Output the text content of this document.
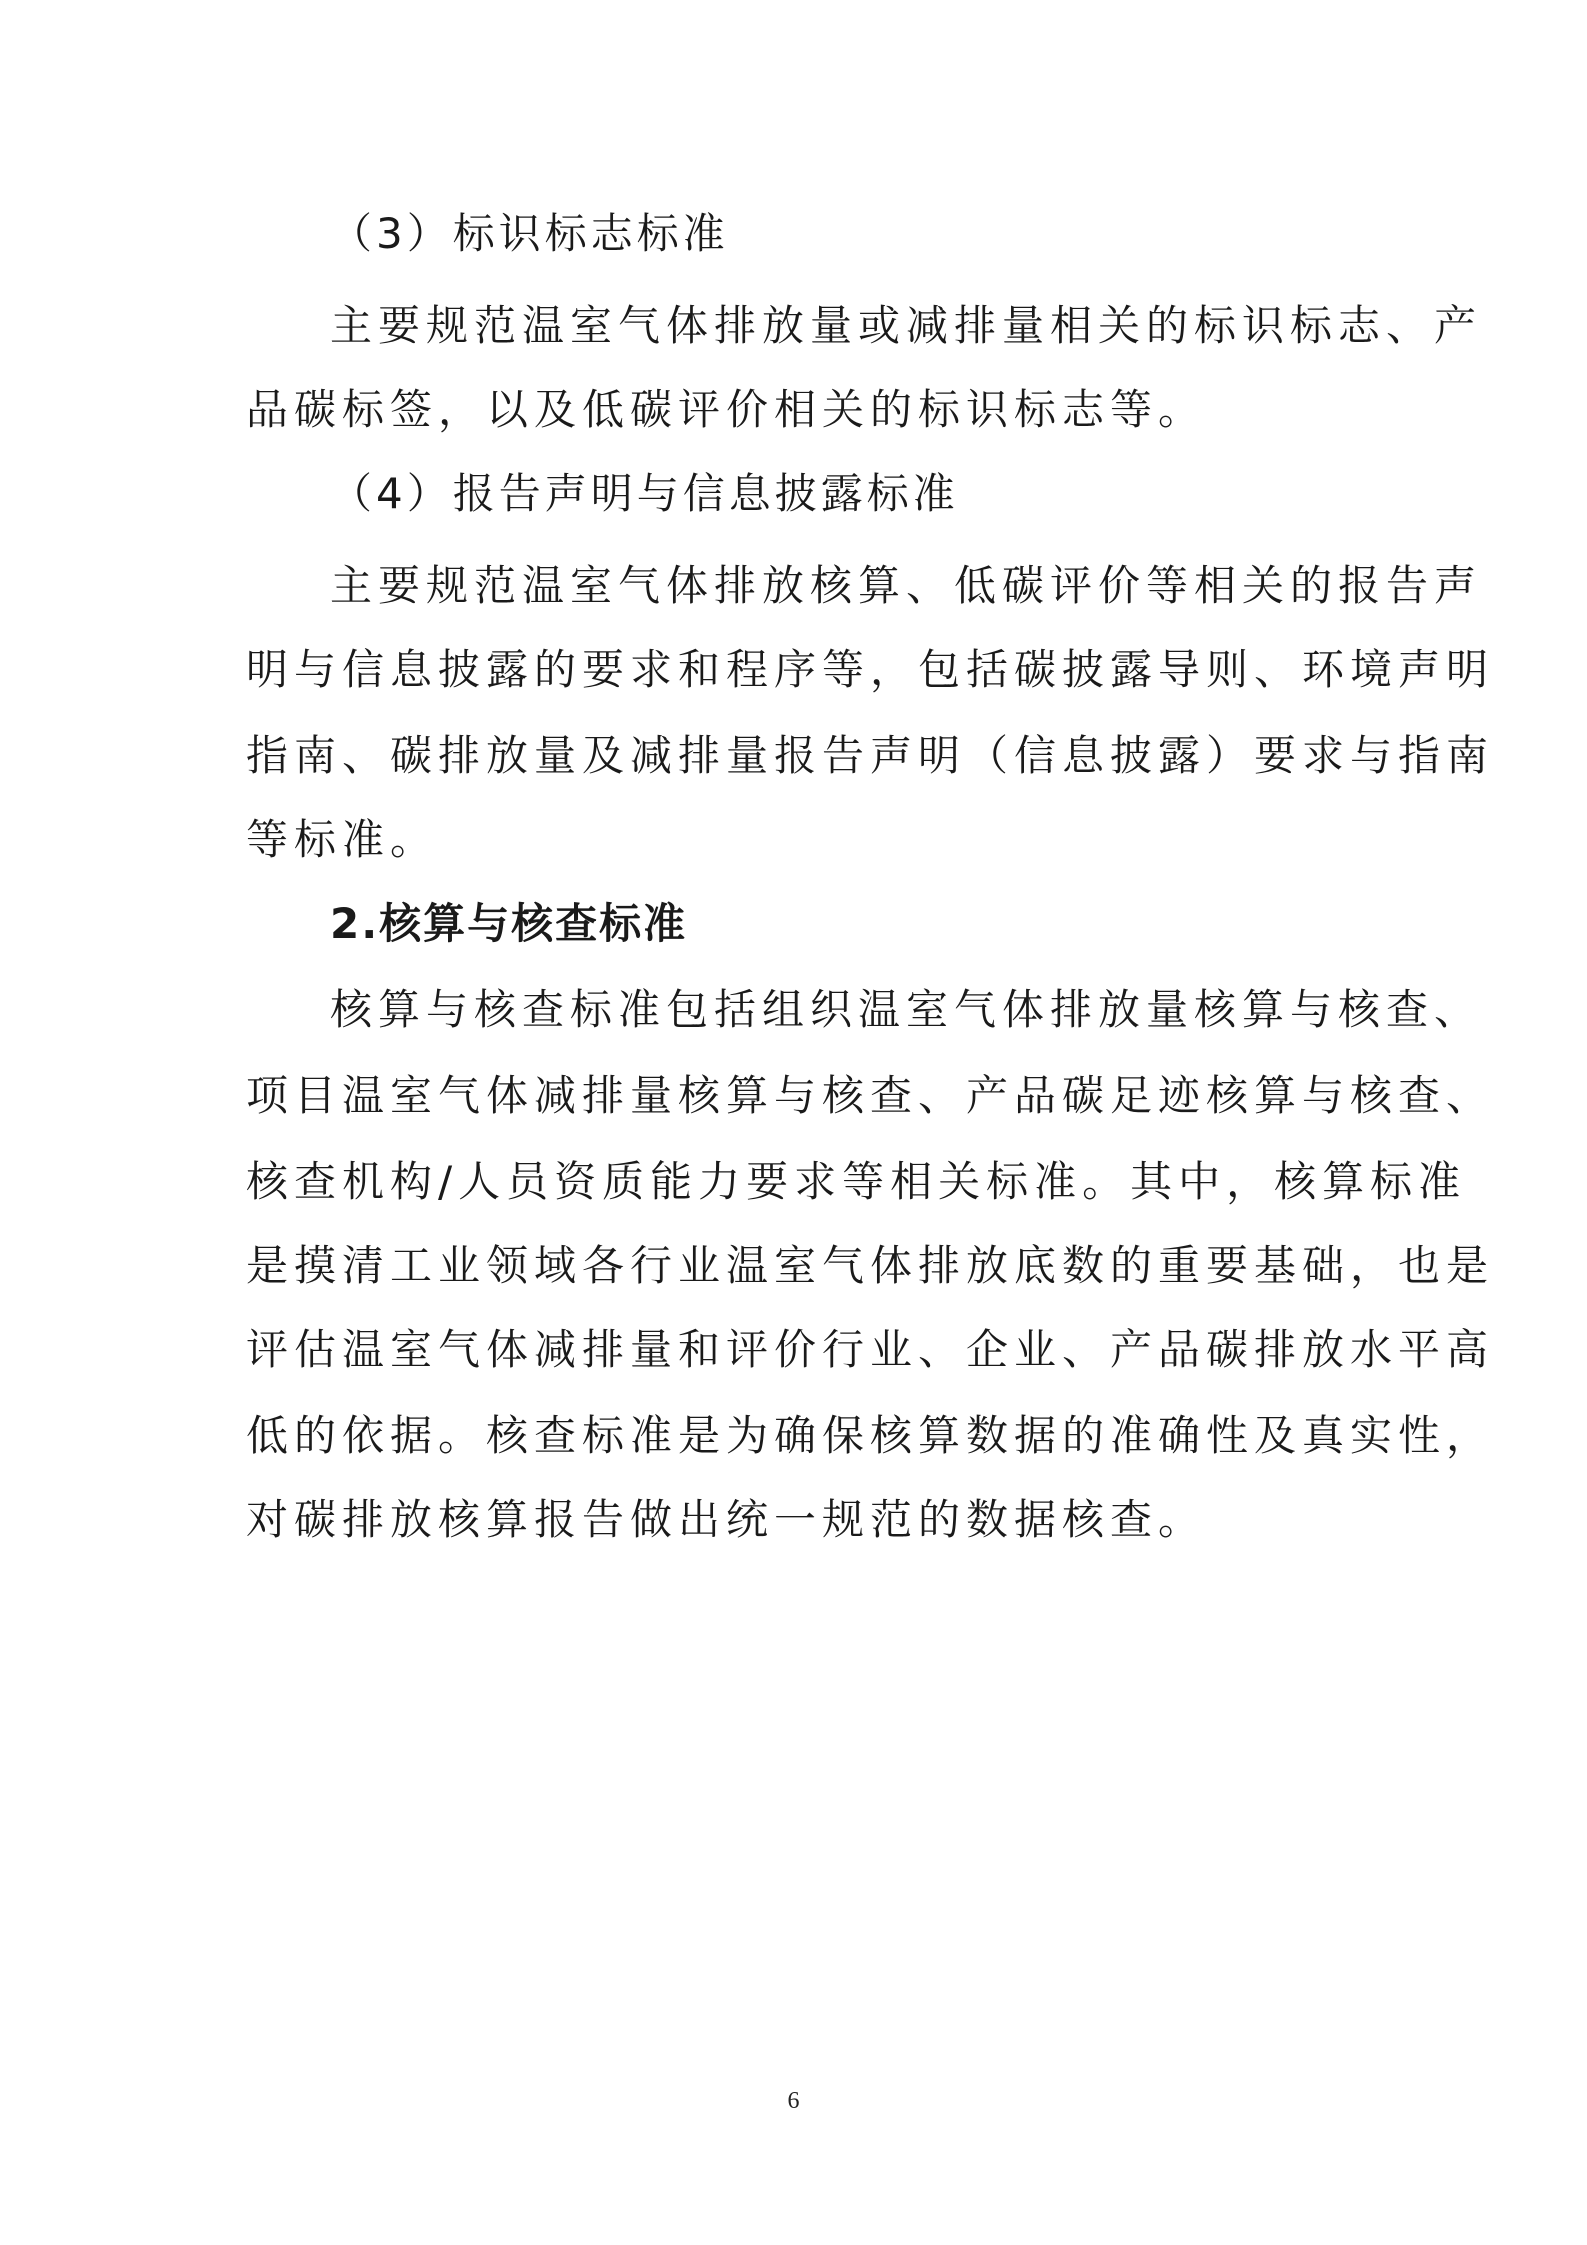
（3）标识标志标准
主要规范温室气体排放量或减排量相关的标识标志、产
品碳标签，以及低碳评价相关的标识标志等。
（4）报告声明与信息披露标准
主要规范温室气体排放核算、低碳评价等相关的报告声
明与信息披露的要求和程序等，包括碳披露导则、环境声明
指南、碳排放量及减排量报告声明（信息披露）要求与指南
等标准。
2.核算与核查标准
核算与核查标准包括组织温室气体排放量核算与核查、
项目温室气体减排量核算与核查、产品碳足迹核算与核查、
核查机构/人员资质能力要求等相关标准。其中，核算标准
是摸清工业领域各行业温室气体排放底数的重要基础，也是
评估温室气体减排量和评价行业、企业、产品碳排放水平高
低的依据。核查标准是为确保核算数据的准确性及真实性，
对碳排放核算报告做出统一规范的数据核查。
6
